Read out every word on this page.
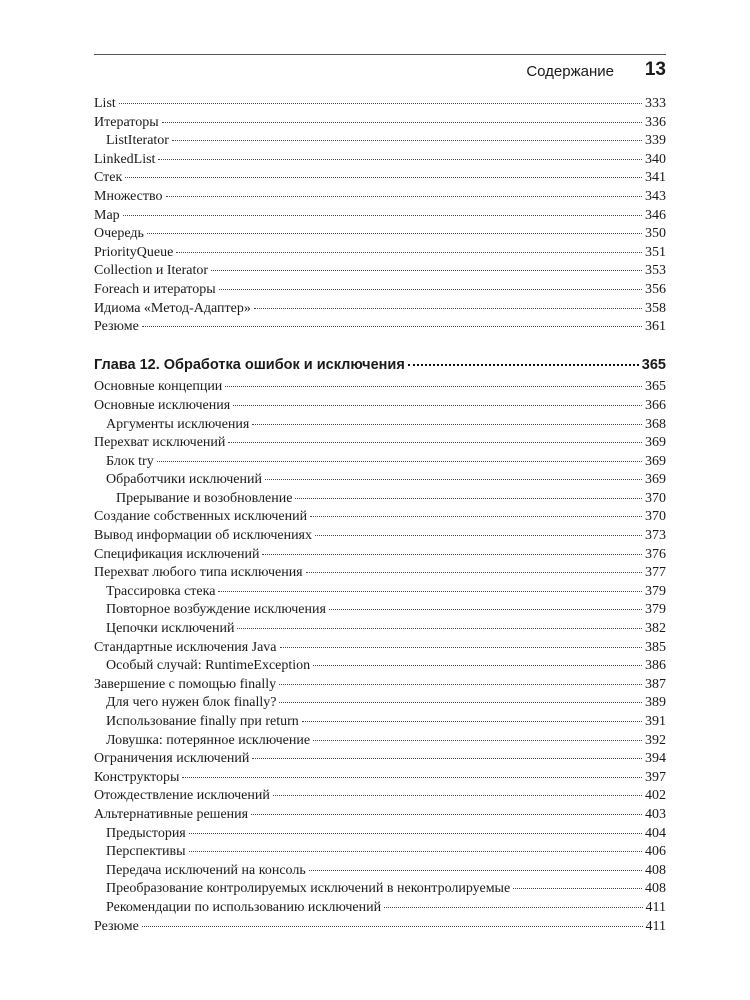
Содержание 13
List	333
Итераторы	336
ListIterator	339
LinkedList	340
Стек	341
Множество	343
Map	346
Очередь	350
PriorityQueue	351
Collection и Iterator	353
Foreach и итераторы	356
Идиома «Метод-Адаптер»	358
Резюме	361
Глава 12. Обработка ошибок и исключения	365
Основные концепции	365
Основные исключения	366
Аргументы исключения	368
Перехват исключений	369
Блок try	369
Обработчики исключений	369
Прерывание и возобновление	370
Создание собственных исключений	370
Вывод информации об исключениях	373
Спецификация исключений	376
Перехват любого типа исключения	377
Трассировка стека	379
Повторное возбуждение исключения	379
Цепочки исключений	382
Стандартные исключения Java	385
Особый случай: RuntimeException	386
Завершение с помощью finally	387
Для чего нужен блок finally?	389
Использование finally при return	391
Ловушка: потерянное исключение	392
Ограничения исключений	394
Конструкторы	397
Отождествление исключений	402
Альтернативные решения	403
Предыстория	404
Перспективы	406
Передача исключений на консоль	408
Преобразование контролируемых исключений в неконтролируемые	408
Рекомендации по использованию исключений	411
Резюме	411
